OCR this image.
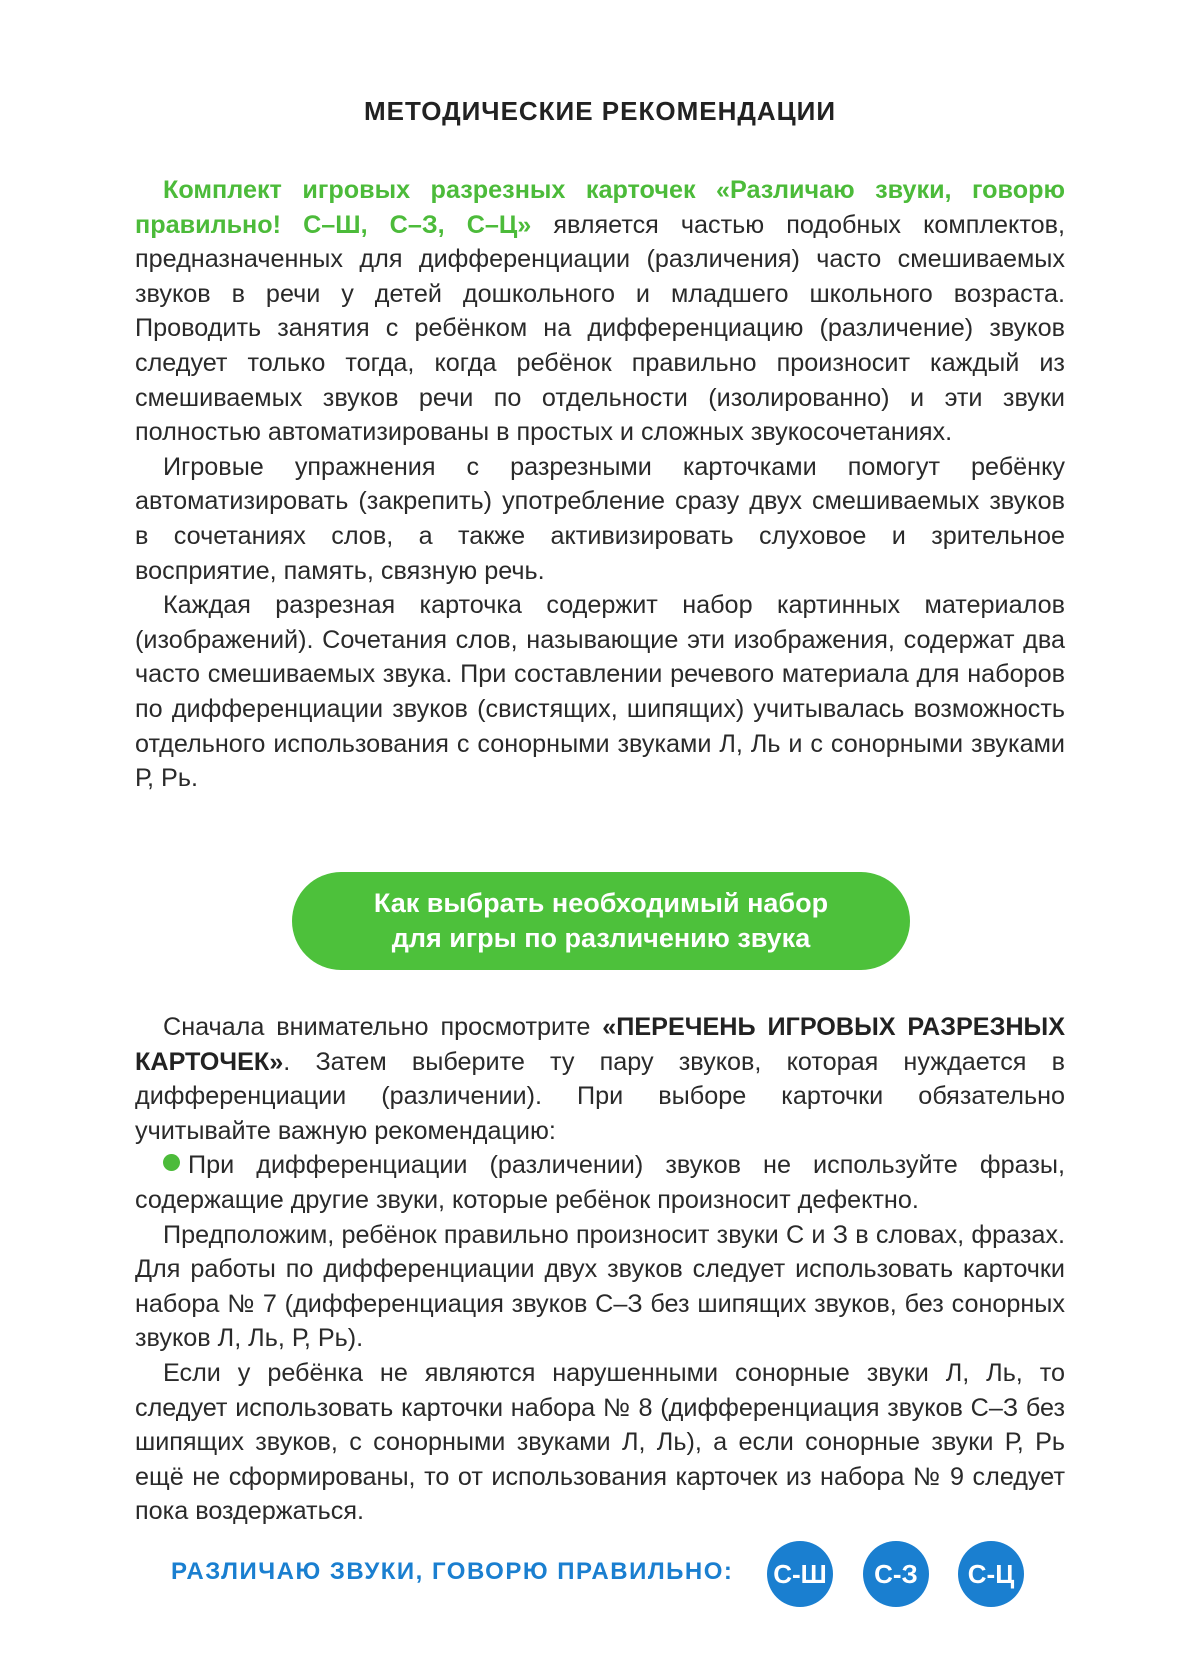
МЕТОДИЧЕСКИЕ РЕКОМЕНДАЦИИ

Комплект игровых разрезных карточек «Различаю звуки, говорю правильно! С–Ш, С–З, С–Ц» является частью подобных комплектов, предназначенных для дифференциации (различения) часто смешиваемых звуков в речи у детей дошкольного и младшего школьного возраста. Проводить занятия с ребёнком на дифференциацию (различение) звуков следует только тогда, когда ребёнок правильно произносит каждый из смешиваемых звуков речи по отдельности (изолированно) и эти звуки полностью автоматизированы в простых и сложных звукосочетаниях.

Игровые упражнения с разрезными карточками помогут ребёнку автоматизировать (закрепить) употребление сразу двух смешиваемых звуков в сочетаниях слов, а также активизировать слуховое и зрительное восприятие, память, связную речь.

Каждая разрезная карточка содержит набор картинных материалов (изображений). Сочетания слов, называющие эти изображения, содержат два часто смешиваемых звука. При составлении речевого материала для наборов по дифференциации звуков (свистящих, шипящих) учитывалась возможность отдельного использования с сонорными звуками Л, Ль и с сонорными звуками Р, Рь.

Как выбрать необходимый набор
для игры по различению звука

Сначала внимательно просмотрите «ПЕРЕЧЕНЬ ИГРОВЫХ РАЗРЕЗНЫХ КАРТОЧЕК». Затем выберите ту пару звуков, которая нуждается в дифференциации (различении). При выборе карточки обязательно учитывайте важную рекомендацию:

При дифференциации (различении) звуков не используйте фразы, содержащие другие звуки, которые ребёнок произносит дефектно.

Предположим, ребёнок правильно произносит звуки С и З в словах, фразах. Для работы по дифференциации двух звуков следует использовать карточки набора № 7 (дифференциация звуков С–З без шипящих звуков, без сонорных звуков Л, Ль, Р, Рь).

Если у ребёнка не являются нарушенными сонорные звуки Л, Ль, то следует использовать карточки набора № 8 (дифференциация звуков С–З без шипящих звуков, с сонорными звуками Л, Ль), а если сонорные звуки Р, Рь ещё не сформированы, то от использования карточек из набора № 9 следует пока воздержаться.

РАЗЛИЧАЮ ЗВУКИ, ГОВОРЮ ПРАВИЛЬНО: С-Ш	С-З	С-Ц
